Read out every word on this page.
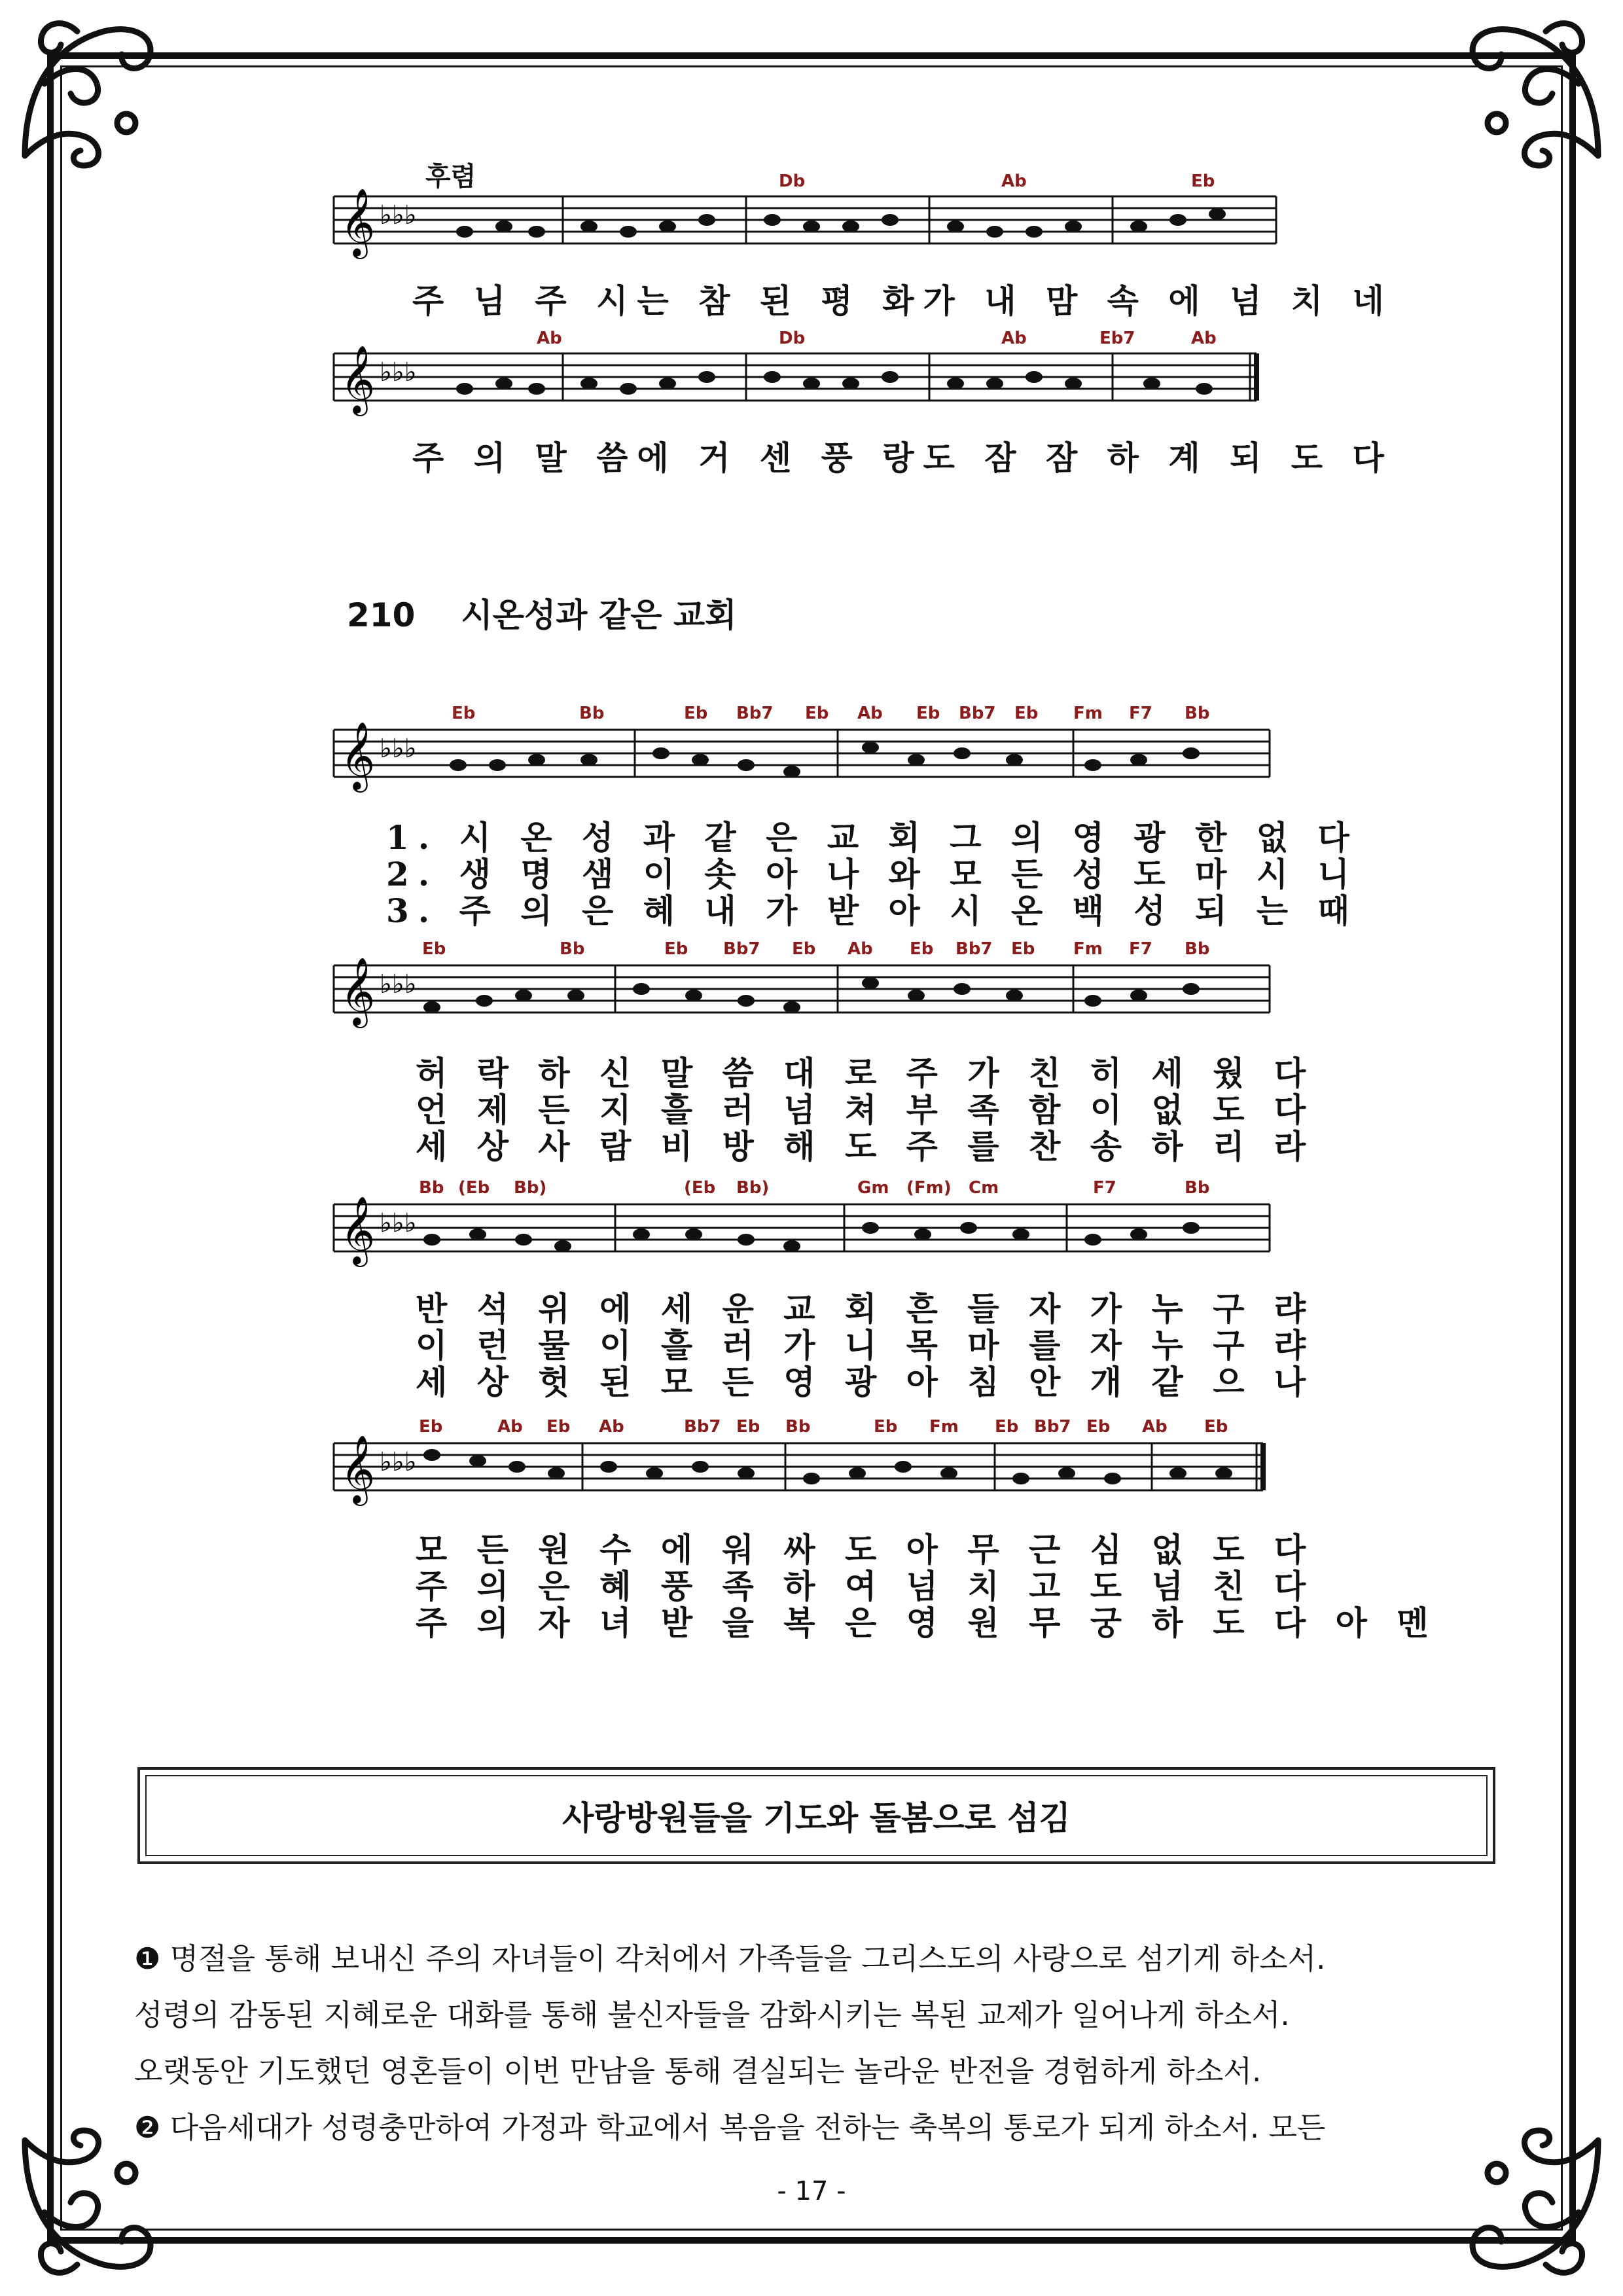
후렴
𝄞 ♭♭♭
Db	Ab	Eb
주 님 주 시는 참 된 평 화가 내 맘 속 에 넘 치 네
𝄞 ♭♭♭
Ab	Db	Ab	Eb7	Ab
주 의 말 씀에 거 센 풍 랑도 잠 잠 하 계 되 도 다
210 시온성과 같은 교회
𝄞 ♭♭♭
Eb	Bb	Eb Bb7 Eb Ab Eb Bb7 Eb Fm F7 Bb
1. 시 온 성 과 같 은 교 회 그 의 영 광 한 없 다
2. 생 명 샘 이 솟 아 나 와 모 든 성 도 마 시 니
3. 주 의 은 혜 내 가 받 아 시 온 백 성 되 는 때
𝄞 ♭♭♭
Eb	Bb	Eb Bb7 Eb Ab Eb Bb7 Eb Fm F7 Bb
허 락 하 신 말 씀 대 로 주 가 친 히 세 웠 다
언 제 든 지 흘 러 넘 쳐 부 족 함 이 없 도 다
세 상 사 람 비 방 해 도 주 를 찬 송 하 리 라
𝄞 ♭♭♭
Bb (Eb Bb)	(Eb Bb)	Gm (Fm) Cm	F7	Bb
반 석 위 에 세 운 교 회 흔 들 자 가 누 구 랴
이 런 물 이 흘 러 가 니 목 마 를 자 누 구 랴
세 상 헛 된 모 든 영 광 아 침 안 개 같 으 나
𝄞 ♭♭♭
Eb	Ab Eb Ab	Bb7 Eb Bb	Eb Fm Eb Bb7 Eb Ab Eb
모 든 원 수 에 워 싸 도 아 무 근 심 없 도 다
주 의 은 혜 풍 족 하 여 넘 치 고 도 넘 친 다
주 의 자 녀 받 을 복 은 영 원 무 궁 하 도 다 아 멘
사랑방원들을 기도와 돌봄으로 섬김

❶ 명절을 통해 보내신 주의 자녀들이 각처에서 가족들을 그리스도의 사랑으로 섬기게 하소서.

성령의 감동된 지혜로운 대화를 통해 불신자들을 감화시키는 복된 교제가 일어나게 하소서.

오랫동안 기도했던 영혼들이 이번 만남을 통해 결실되는 놀라운 반전을 경험하게 하소서.

❷ 다음세대가 성령충만하여 가정과 학교에서 복음을 전하는 축복의 통로가 되게 하소서. 모든

- 17 -
